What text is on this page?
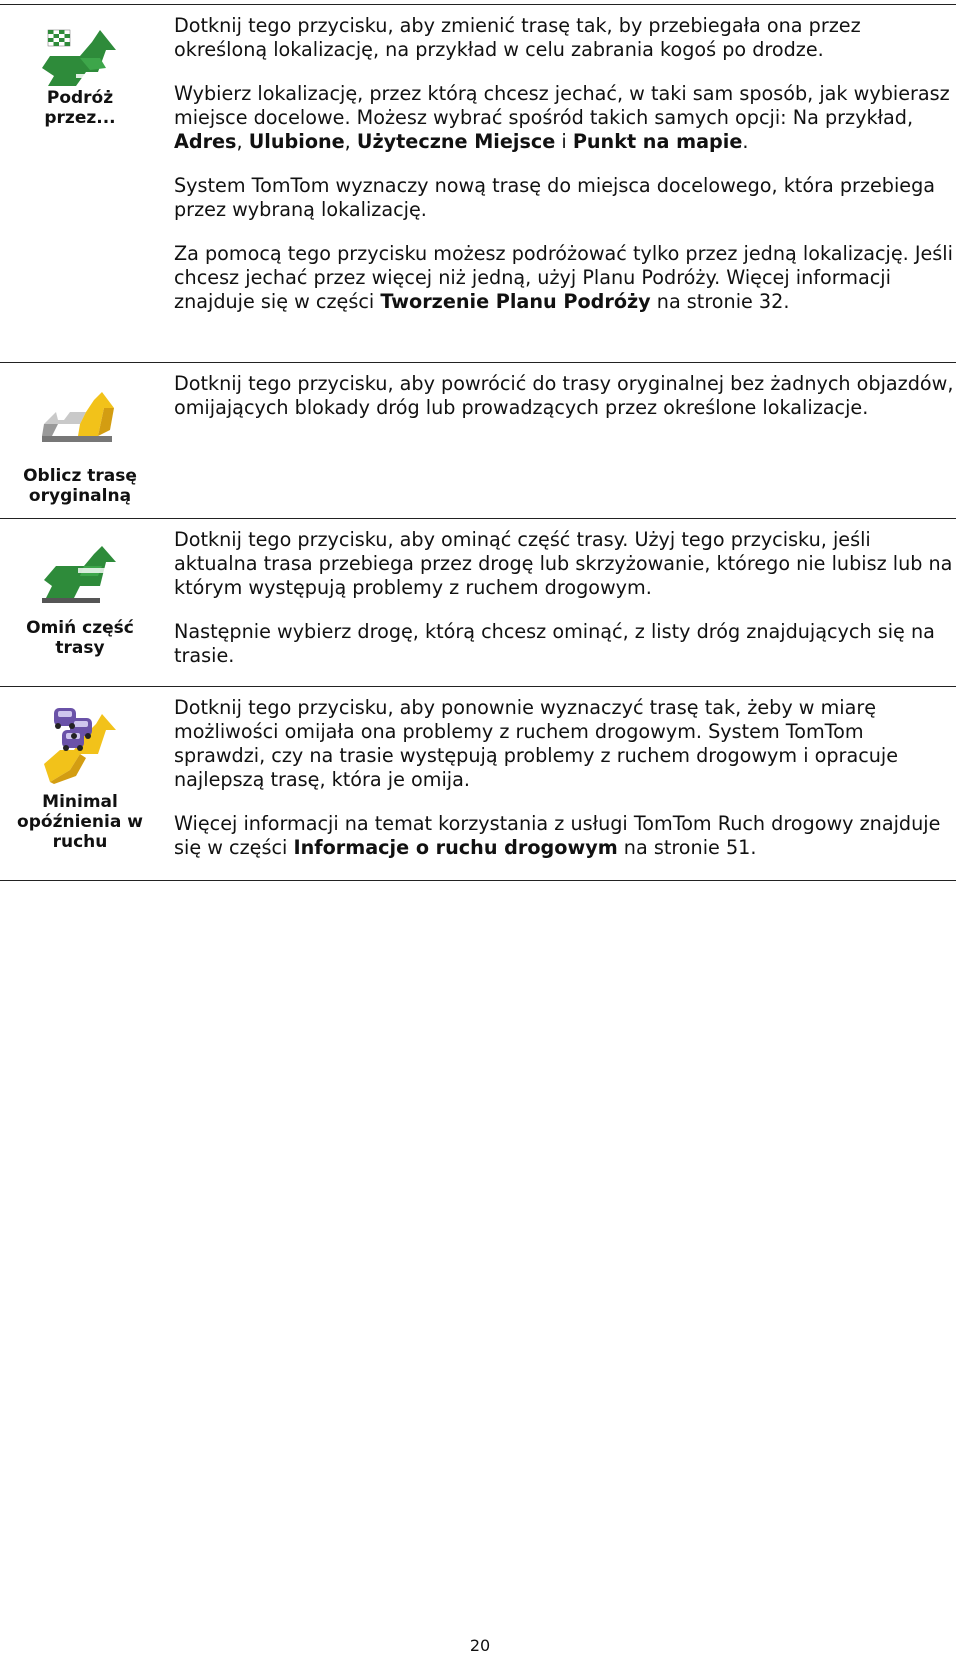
Podróż
przez...

Dotknij tego przycisku, aby zmienić trasę tak, by przebiegała ona przez określoną lokalizację, na przykład w celu zabrania kogoś po drodze.

Wybierz lokalizację, przez którą chcesz jechać, w taki sam sposób, jak wybierasz miejsce docelowe. Możesz wybrać spośród takich samych opcji: Na przykład, Adres, Ulubione, Użyteczne Miejsce i Punkt na mapie.

System TomTom wyznaczy nową trasę do miejsca docelowego, która przebiega przez wybraną lokalizację.

Za pomocą tego przycisku możesz podróżować tylko przez jedną lokalizację. Jeśli chcesz jechać przez więcej niż jedną, użyj Planu Podróży. Więcej informacji znajduje się w części Tworzenie Planu Podróży na stronie 32.

Oblicz trasę
oryginalną

Dotknij tego przycisku, aby powrócić do trasy oryginalnej bez żadnych objazdów, omijających blokady dróg lub prowadzących przez określone lokalizacje.

Omiń część
trasy

Dotknij tego przycisku, aby ominąć część trasy. Użyj tego przycisku, jeśli aktualna trasa przebiega przez drogę lub skrzyżowanie, którego nie lubisz lub na którym występują problemy z ruchem drogowym.

Następnie wybierz drogę, którą chcesz ominąć, z listy dróg znajdujących się na trasie.

Minimal
opóźnienia w
ruchu

Dotknij tego przycisku, aby ponownie wyznaczyć trasę tak, żeby w miarę możliwości omijała ona problemy z ruchem drogowym. System TomTom sprawdzi, czy na trasie występują problemy z ruchem drogowym i opracuje najlepszą trasę, która je omija.

Więcej informacji na temat korzystania z usługi TomTom Ruch drogowy znajduje się w części Informacje o ruchu drogowym na stronie 51.

20
